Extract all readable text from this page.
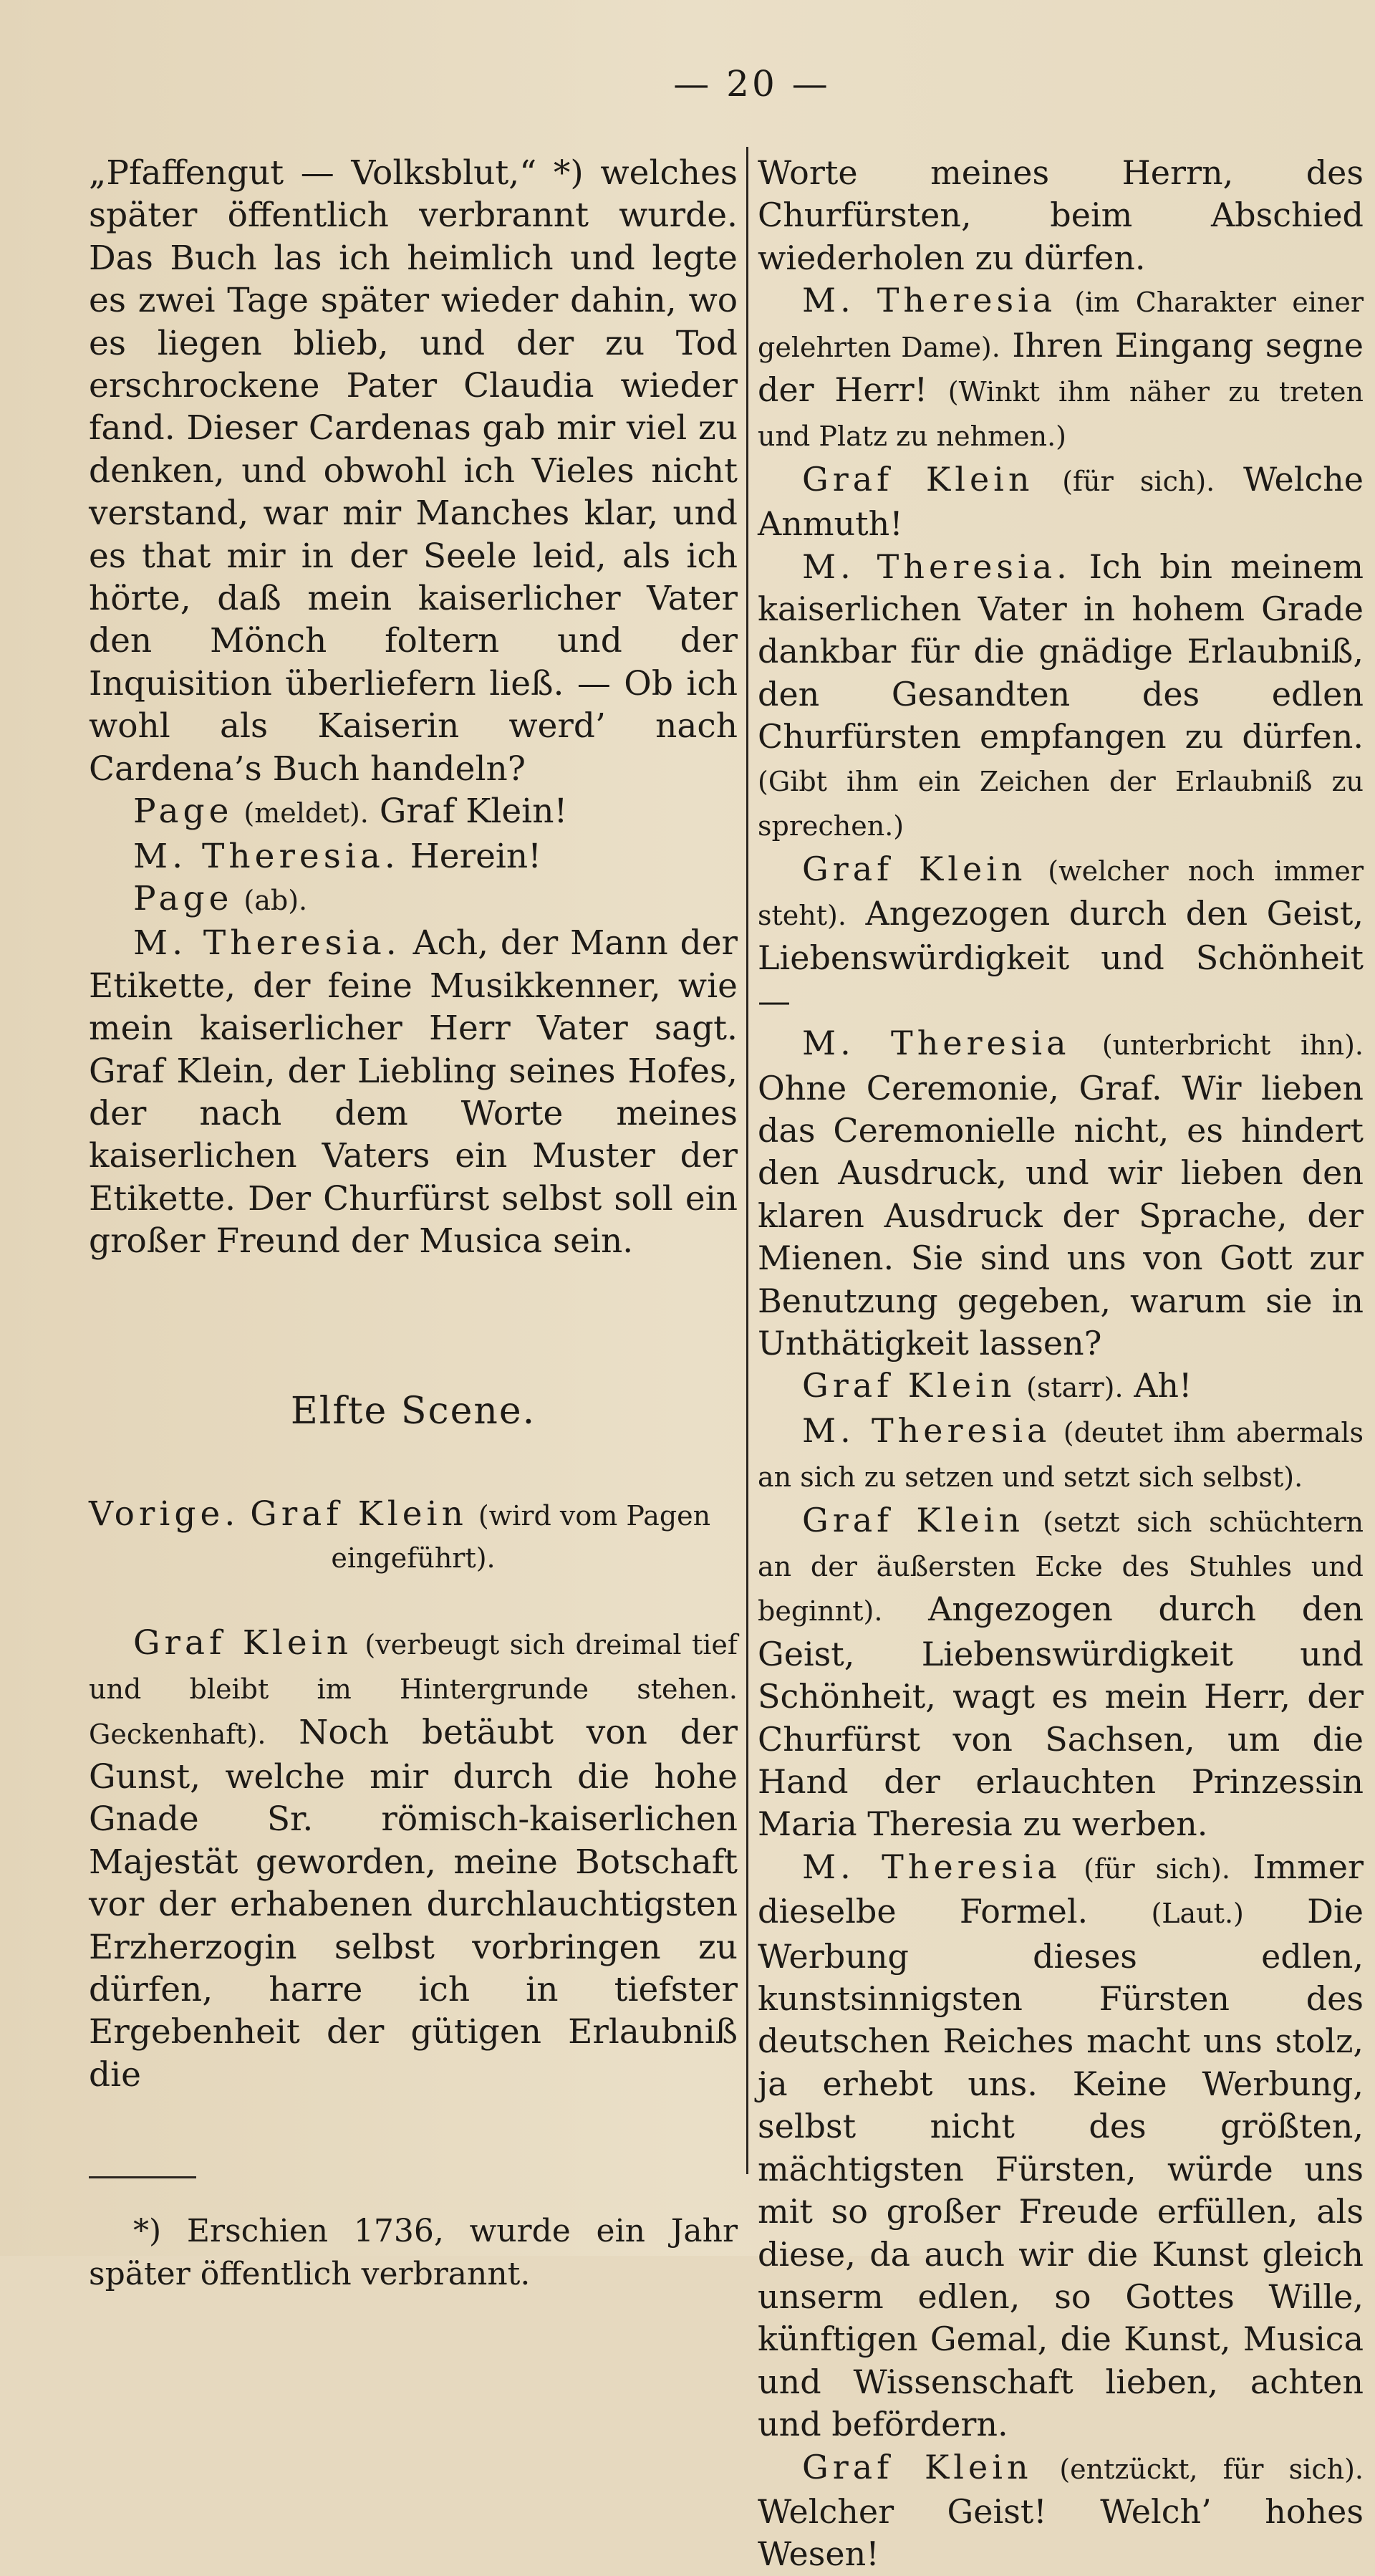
— 20 —

„Pfaffengut — Volksblut,“ *) welches später öffentlich verbrannt wurde. Das Buch las ich heimlich und legte es zwei Tage später wieder dahin, wo es liegen blieb, und der zu Tod erschrockene Pater Claudia wieder fand. Dieser Cardenas gab mir viel zu denken, und obwohl ich Vieles nicht verstand, war mir Manches klar, und es that mir in der Seele leid, als ich hörte, daß mein kaiserlicher Vater den Mönch foltern und der Inquisition überliefern ließ. — Ob ich wohl als Kaiserin werd’ nach Cardena’s Buch handeln?

Page (meldet). Graf Klein!

M. Theresia. Herein!

Page (ab).

M. Theresia. Ach, der Mann der Etikette, der feine Musikkenner, wie mein kaiserlicher Herr Vater sagt. Graf Klein, der Liebling seines Hofes, der nach dem Worte meines kaiserlichen Vaters ein Muster der Etikette. Der Churfürst selbst soll ein großer Freund der Musica sein.

Elfte Scene.

Vorige. Graf Klein (wird vom Pagen

eingeführt).

Graf Klein (verbeugt sich dreimal tief und bleibt im Hintergrunde stehen. Geckenhaft). Noch betäubt von der Gunst, welche mir durch die hohe Gnade Sr. römisch-kaiserlichen Majestät geworden, meine Botschaft vor der erhabenen durchlauchtigsten Erzherzogin selbst vorbringen zu dürfen, harre ich in tiefster Ergebenheit der gütigen Erlaubniß die

*) Erschien 1736, wurde ein Jahr später öffentlich verbrannt.

Worte meines Herrn, des Churfürsten, beim Abschied wiederholen zu dürfen.

M. Theresia (im Charakter einer gelehrten Dame). Ihren Eingang segne der Herr! (Winkt ihm näher zu treten und Platz zu nehmen.)

Graf Klein (für sich). Welche Anmuth!

M. Theresia. Ich bin meinem kaiserlichen Vater in hohem Grade dankbar für die gnädige Erlaubniß, den Gesandten des edlen Churfürsten empfangen zu dürfen. (Gibt ihm ein Zeichen der Erlaubniß zu sprechen.)

Graf Klein (welcher noch immer steht). Angezogen durch den Geist, Liebenswürdigkeit und Schönheit —

M. Theresia (unterbricht ihn). Ohne Ceremonie, Graf. Wir lieben das Ceremonielle nicht, es hindert den Ausdruck, und wir lieben den klaren Ausdruck der Sprache, der Mienen. Sie sind uns von Gott zur Benutzung gegeben, warum sie in Unthätigkeit lassen?

Graf Klein (starr). Ah!

M. Theresia (deutet ihm abermals an sich zu setzen und setzt sich selbst).

Graf Klein (setzt sich schüchtern an der äußersten Ecke des Stuhles und beginnt). Angezogen durch den Geist, Liebenswürdigkeit und Schönheit, wagt es mein Herr, der Churfürst von Sachsen, um die Hand der erlauchten Prinzessin Maria Theresia zu werben.

M. Theresia (für sich). Immer dieselbe Formel. (Laut.) Die Werbung dieses edlen, kunstsinnigsten Fürsten des deutschen Reiches macht uns stolz, ja erhebt uns. Keine Werbung, selbst nicht des größten, mächtigsten Fürsten, würde uns mit so großer Freude erfüllen, als diese, da auch wir die Kunst gleich unserm edlen, so Gottes Wille, künftigen Gemal, die Kunst, Musica und Wissenschaft lieben, achten und befördern.

Graf Klein (entzückt, für sich). Welcher Geist! Welch’ hohes Wesen!
